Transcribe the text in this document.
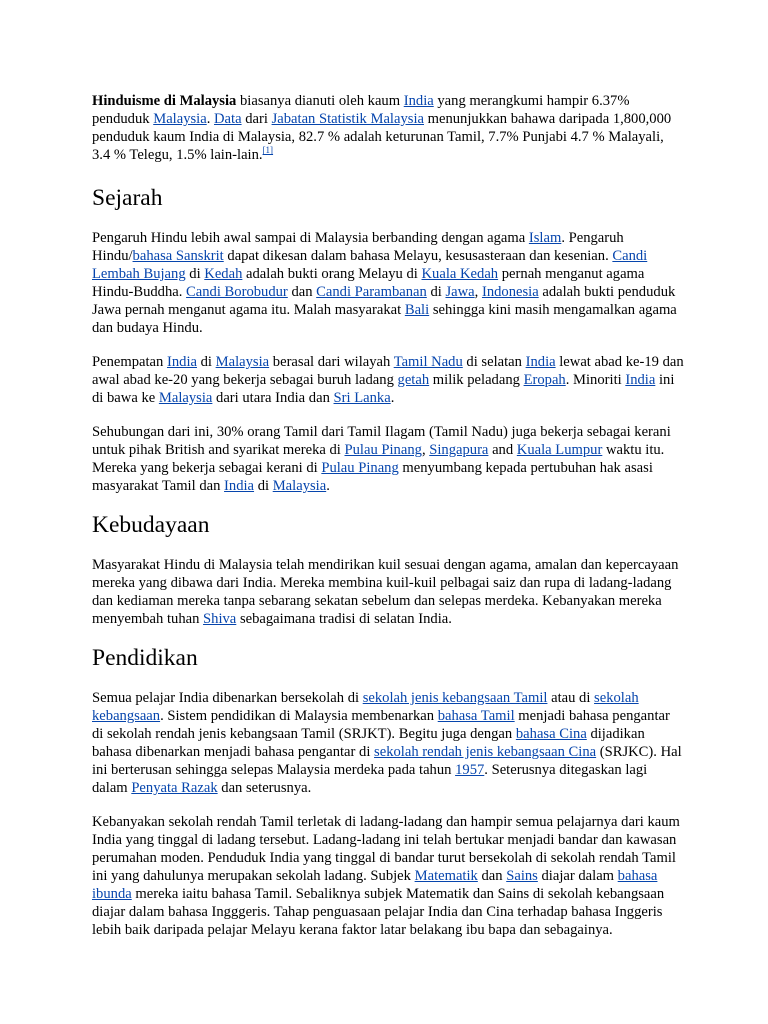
Hinduisme di Malaysia biasanya dianuti oleh kaum India yang merangkumi hampir 6.37% penduduk Malaysia. Data dari Jabatan Statistik Malaysia menunjukkan bahawa daripada 1,800,000 penduduk kaum India di Malaysia, 82.7 % adalah keturunan Tamil, 7.7% Punjabi 4.7 % Malayali, 3.4 % Telegu, 1.5% lain-lain.[1]

Sejarah

Pengaruh Hindu lebih awal sampai di Malaysia berbanding dengan agama Islam. Pengaruh Hindu/bahasa Sanskrit dapat dikesan dalam bahasa Melayu, kesusasteraan dan kesenian. Candi Lembah Bujang di Kedah adalah bukti orang Melayu di Kuala Kedah pernah menganut agama Hindu-Buddha. Candi Borobudur dan Candi Parambanan di Jawa, Indonesia adalah bukti penduduk Jawa pernah menganut agama itu. Malah masyarakat Bali sehingga kini masih mengamalkan agama dan budaya Hindu.

Penempatan India di Malaysia berasal dari wilayah Tamil Nadu di selatan India lewat abad ke-19 dan awal abad ke-20 yang bekerja sebagai buruh ladang getah milik peladang Eropah. Minoriti India ini di bawa ke Malaysia dari utara India dan Sri Lanka.

Sehubungan dari ini, 30% orang Tamil dari Tamil Ilagam (Tamil Nadu) juga bekerja sebagai kerani untuk pihak British and syarikat mereka di Pulau Pinang, Singapura and Kuala Lumpur waktu itu. Mereka yang bekerja sebagai kerani di Pulau Pinang menyumbang kepada pertubuhan hak asasi masyarakat Tamil dan India di Malaysia.

Kebudayaan

Masyarakat Hindu di Malaysia telah mendirikan kuil sesuai dengan agama, amalan dan kepercayaan mereka yang dibawa dari India. Mereka membina kuil-kuil pelbagai saiz dan rupa di ladang-ladang dan kediaman mereka tanpa sebarang sekatan sebelum dan selepas merdeka. Kebanyakan mereka menyembah tuhan Shiva sebagaimana tradisi di selatan India.

Pendidikan

Semua pelajar India dibenarkan bersekolah di sekolah jenis kebangsaan Tamil atau di sekolah kebangsaan. Sistem pendidikan di Malaysia membenarkan bahasa Tamil menjadi bahasa pengantar di sekolah rendah jenis kebangsaan Tamil (SRJKT). Begitu juga dengan bahasa Cina dijadikan bahasa dibenarkan menjadi bahasa pengantar di sekolah rendah jenis kebangsaan Cina (SRJKC). Hal ini berterusan sehingga selepas Malaysia merdeka pada tahun 1957. Seterusnya ditegaskan lagi dalam Penyata Razak dan seterusnya.

Kebanyakan sekolah rendah Tamil terletak di ladang-ladang dan hampir semua pelajarnya dari kaum India yang tinggal di ladang tersebut. Ladang-ladang ini telah bertukar menjadi bandar dan kawasan perumahan moden. Penduduk India yang tinggal di bandar turut bersekolah di sekolah rendah Tamil ini yang dahulunya merupakan sekolah ladang. Subjek Matematik dan Sains diajar dalam bahasa ibunda mereka iaitu bahasa Tamil. Sebaliknya subjek Matematik dan Sains di sekolah kebangsaan diajar dalam bahasa Ingggeris. Tahap penguasaan pelajar India dan Cina terhadap bahasa Inggeris lebih baik daripada pelajar Melayu kerana faktor latar belakang ibu bapa dan sebagainya.
